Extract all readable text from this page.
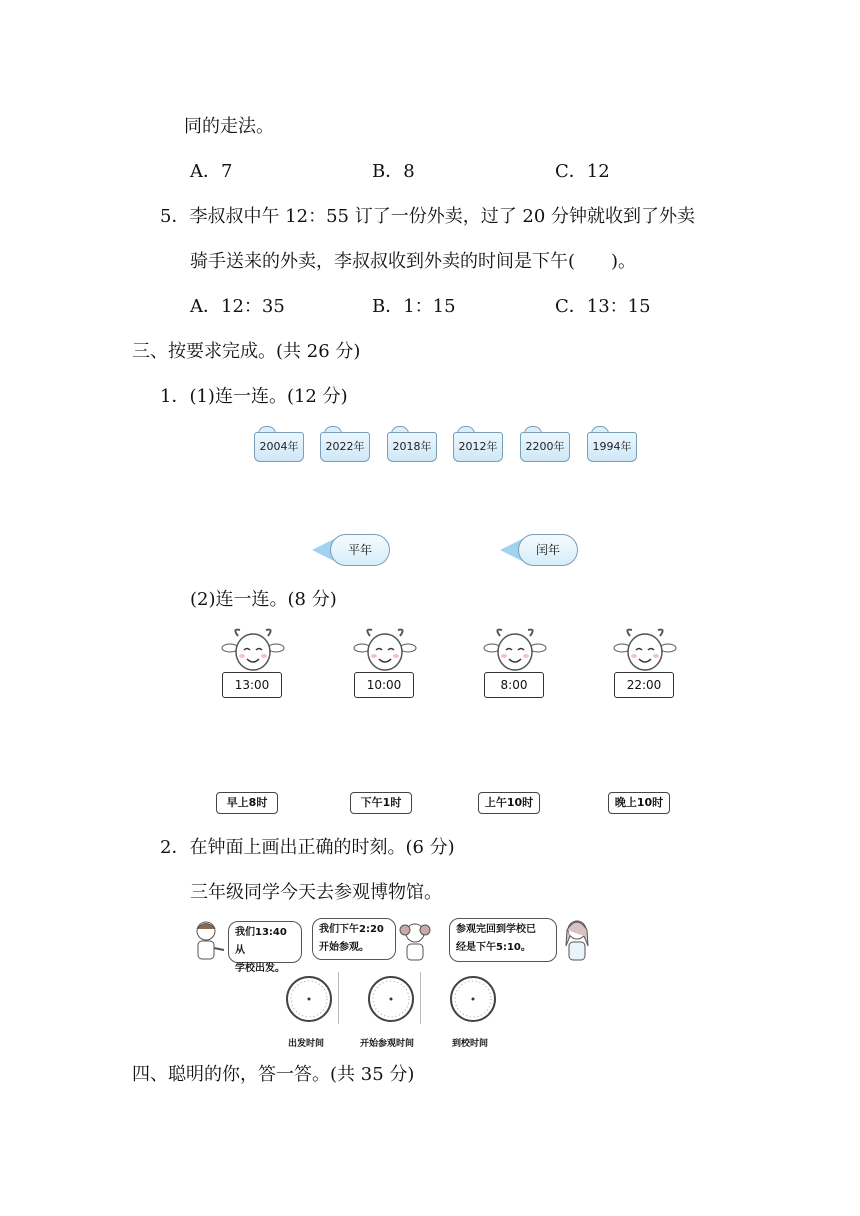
同的走法。
A．7	B．8	C．12
5．李叔叔中午 12：55 订了一份外卖，过了 20 分钟就收到了外卖
骑手送来的外卖，李叔叔收到外卖的时间是下午(　　)。
A．12：35	B．1：15	C．13：15
三、按要求完成。(共 26 分)
1．(1)连一连。(12 分)
2004年	2022年	2018年	2012年	2200年	1994年
平年	闰年
(2)连一连。(8 分)
13:00	10:00	8:00	22:00
早上8时	下午1时	上午10时	晚上10时
2．在钟面上画出正确的时刻。(6 分)
三年级同学今天去参观博物馆。
我们13:40从
学校出发。
我们下午2:20
开始参观。
参观完回到学校已
经是下午5:10。
出发时间	开始参观时间	到校时间
四、聪明的你，答一答。(共 35 分)
